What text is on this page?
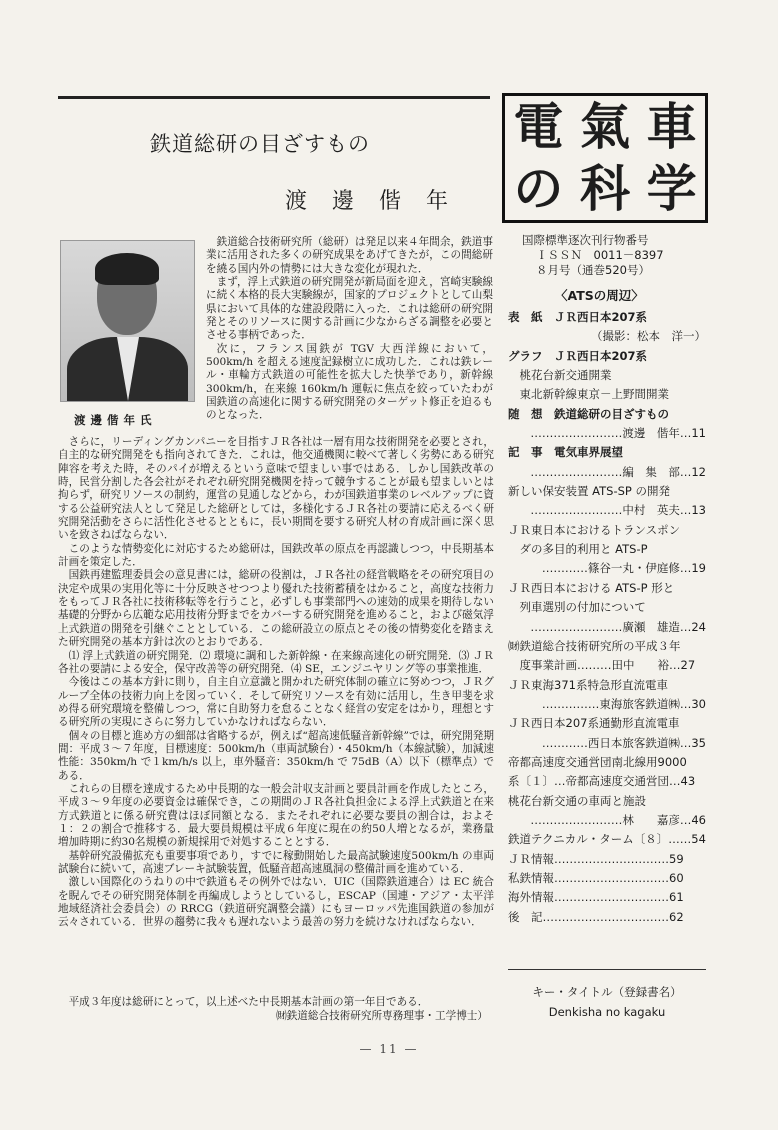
鉄道総研の目ざすもの
渡 邊 偕 年
渡邊偕年氏

鉄道総合技術研究所（総研）は発足以来４年間余，鉄道事業に活用された多くの研究成果をあげてきたが，この間総研を繞る国内外の情勢には大きな変化が現れた．

まず，浮上式鉄道の研究開発が新局面を迎え，宮崎実験線に続く本格的長大実験線が，国家的プロジェクトとして山梨県において具体的な建設段階に入った．これは総研の研究開発とそのリソースに関する計画に少なからざる調整を必要とさせる事柄であった．

次に，フランス国鉄が TGV 大西洋線において，500km/h を超える速度記録樹立に成功した．これは鉄レール・車輪方式鉄道の可能性を拡大した快挙であり，新幹線 300km/h，在来線 160km/h 運転に焦点を絞っていたわが国鉄道の高速化に関する研究開発のターゲット修正を迫るものとなった．

さらに，リーディングカンパニーを目指すＪＲ各社は一層有用な技術開発を必要とされ，自主的な研究開発をも指向されてきた．これは，他交通機関に較べて著しく劣勢にある研究陣容を考えた時，そのパイが増えるという意味で望ましい事ではある．しかし国鉄改革の時，民営分割した各会社がそれぞれ研究開発機関を持って競争することが最も望ましいとは拘らず，研究リソースの制約，運営の見通しなどから，わが国鉄道事業のレベルアップに資する公益研究法人として発足した総研としては，多様化するＪＲ各社の要請に応えるべく研究開発活動をさらに活性化させるとともに，長い期間を要する研究人材の育成計画に深く思いを致さねばならない．

このような情勢変化に対応するため総研は，国鉄改革の原点を再認識しつつ，中長期基本計画を策定した．

国鉄再建監理委員会の意見書には，総研の役割は，ＪＲ各社の経営戦略をその研究項目の決定や成果の実用化等に十分反映させつつより優れた技術蓄積をはかること，高度な技術力をもってＪＲ各社に技術移転等を行うこと，必ずしも事業部門への速効的成果を期待しない基礎的分野から広範な応用技術分野までをカバーする研究開発を進めること，および磁気浮上式鉄道の開発を引継ぐこととしている．この総研設立の原点とその後の情勢変化を踏まえた研究開発の基本方針は次のとおりである．

⑴ 浮上式鉄道の研究開発．⑵ 環境に調和した新幹線・在来線高速化の研究開発．⑶ ＪＲ各社の要請による安全，保守改善等の研究開発．⑷ SE，エンジニヤリング等の事業推進．

今後はこの基本方針に則り，自主自立意識と開かれた研究体制の確立に努めつつ，ＪＲグループ全体の技術力向上を図っていく．そして研究リソースを有効に活用し，生き甲斐を求め得る研究環境を整備しつつ，常に自助努力を怠ることなく経営の安定をはかり，理想とする研究所の実現にさらに努力していかなければならない．

個々の目標と進め方の細部は省略するが，例えば“超高速低騒音新幹線”では，研究開発期間：平成３～７年度，目標速度：500km/h（車両試験台）・450km/h（本線試験），加減速性能：350km/h で１km/h/s 以上，車外騒音：350km/h で 75dB（A）以下（標準点）である．

これらの目標を達成するため中長期的な一般会計収支計画と要員計画を作成したところ，平成３～９年度の必要資金は確保でき，この期間のＪＲ各社負担金による浮上式鉄道と在来方式鉄道とに係る研究費はほぼ同額となる．またそれぞれに必要な要員の割合は，およそ１：２の割合で推移する．最大要員規模は平成６年度に現在の約50人増となるが，業務量増加時期に約30名規模の新規採用で対処することとする．

基幹研究設備拡充も重要事項であり，すでに稼動開始した最高試験速度500km/h の車両試験台に続いて，高速ブレーキ試験装置，低騒音超高速風洞の整備計画を進めている．

激しい国際化のうねりの中で鉄道もその例外ではない．UIC（国際鉄道連合）は EC 統合を睨んでその研究開発体制を再編成しようとしているし，ESCAP（国連・アジア・太平洋地域経済社会委員会）の RRCG（鉄道研究調整会議）にもヨーロッパ先進国鉄道の参加が云々されている．世界の趨勢に我々も遅れないよう最善の努力を続けなければならない．

平成３年度は総研にとって，以上述べた中長期基本計画の第一年目である．
㈶鉄道総合技術研究所専務理事・工学博士）
— 11 —
電 氣 車
の 科 学
国際標準逐次刊行物番号
ＩＳＳＮ　0011－8397
８月号（通巻520号）
〈ATSの周辺〉
表　紙　ＪＲ西日本207系
（撮影：松本　洋一）
グラフ　ＪＲ西日本207系
　桃花台新交通開業
　東北新幹線東京－上野間開業
随　想　鉄道総研の目ざすもの
……………………渡邊　偕年…11
記　事　電気車界展望
……………………編　集　部…12
新しい保安装置 ATS-SP の開発
……………………中村　英夫…13
ＪＲ東日本におけるトランスポン
　ダの多目的利用と ATS-P
…………篠谷一丸・伊庭修…19
ＪＲ西日本における ATS-P 形と
　列車選別の付加について
……………………廣瀬　雄造…24
㈶鉄道総合技術研究所の平成３年
　度事業計画………田中　　裕…27
ＪＲ東海371系特急形直流電車
……………東海旅客鉄道㈱…30
ＪＲ西日本207系通勤形直流電車
…………西日本旅客鉄道㈱…35
帝都高速度交通営団南北線用9000
系〔１〕…帝都高速度交通営団…43
桃花台新交通の車両と施設
……………………林　　嘉彦…46
鉄道テクニカル・ターム〔８〕……54
ＪＲ情報…………………………59
私鉄情報…………………………60
海外情報…………………………61
後　記……………………………62
キー・タイトル（登録書名）
Denkisha no kagaku
